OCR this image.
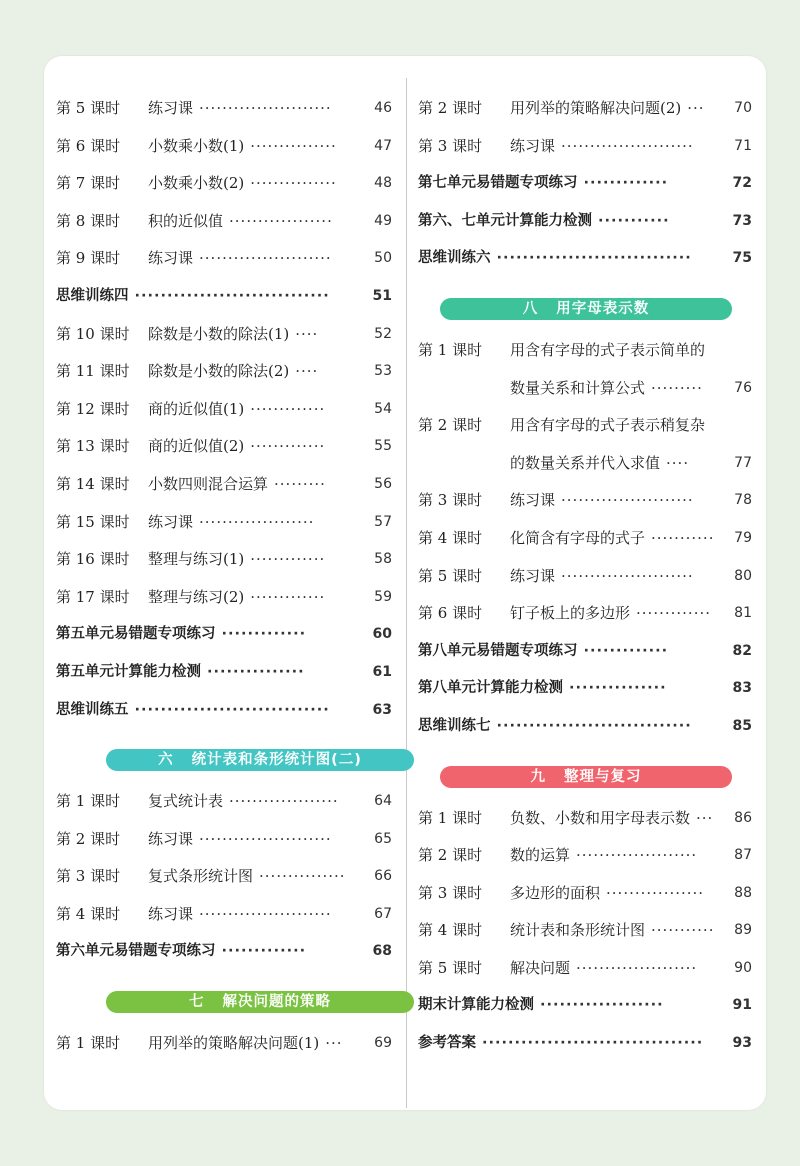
第 5 课时 练习课 ·······················	46
第 6 课时 小数乘小数(1) ···············	47
第 7 课时 小数乘小数(2) ···············	48
第 8 课时 积的近似值 ··················	49
第 9 课时 练习课 ·······················	50
思维训练四 ······························	51
第 10 课时 除数是小数的除法(1) ····	52
第 11 课时 除数是小数的除法(2) ····	53
第 12 课时 商的近似值(1) ·············	54
第 13 课时 商的近似值(2) ·············	55
第 14 课时 小数四则混合运算 ·········	56
第 15 课时 练习课 ····················	57
第 16 课时 整理与练习(1) ·············	58
第 17 课时 整理与练习(2) ·············	59
第五单元易错题专项练习 ·············	60
第五单元计算能力检测 ···············	61
思维训练五 ······························	63
六 统计表和条形统计图(二)
第 1 课时 复式统计表 ···················	64
第 2 课时 练习课 ·······················	65
第 3 课时 复式条形统计图 ···············	66
第 4 课时 练习课 ·······················	67
第六单元易错题专项练习 ·············	68
七 解决问题的策略
第 1 课时 用列举的策略解决问题(1) ···	69
第 2 课时 用列举的策略解决问题(2) ···	70
第 3 课时 练习课 ·······················	71
第七单元易错题专项练习 ·············	72
第六、七单元计算能力检测 ···········	73
思维训练六 ······························	75
八 用字母表示数
第 1 课时 用含有字母的式子表示简单的
数量关系和计算公式 ·········	76
第 2 课时 用含有字母的式子表示稍复杂
的数量关系并代入求值 ····	77
第 3 课时 练习课 ·······················	78
第 4 课时 化简含有字母的式子 ···········	79
第 5 课时 练习课 ·······················	80
第 6 课时 钉子板上的多边形 ·············	81
第八单元易错题专项练习 ·············	82
第八单元计算能力检测 ···············	83
思维训练七 ······························	85
九 整理与复习
第 1 课时 负数、小数和用字母表示数 ···	86
第 2 课时 数的运算 ·····················	87
第 3 课时 多边形的面积 ·················	88
第 4 课时 统计表和条形统计图 ···········	89
第 5 课时 解决问题 ·····················	90
期末计算能力检测 ···················	91
参考答案 ··································	93
